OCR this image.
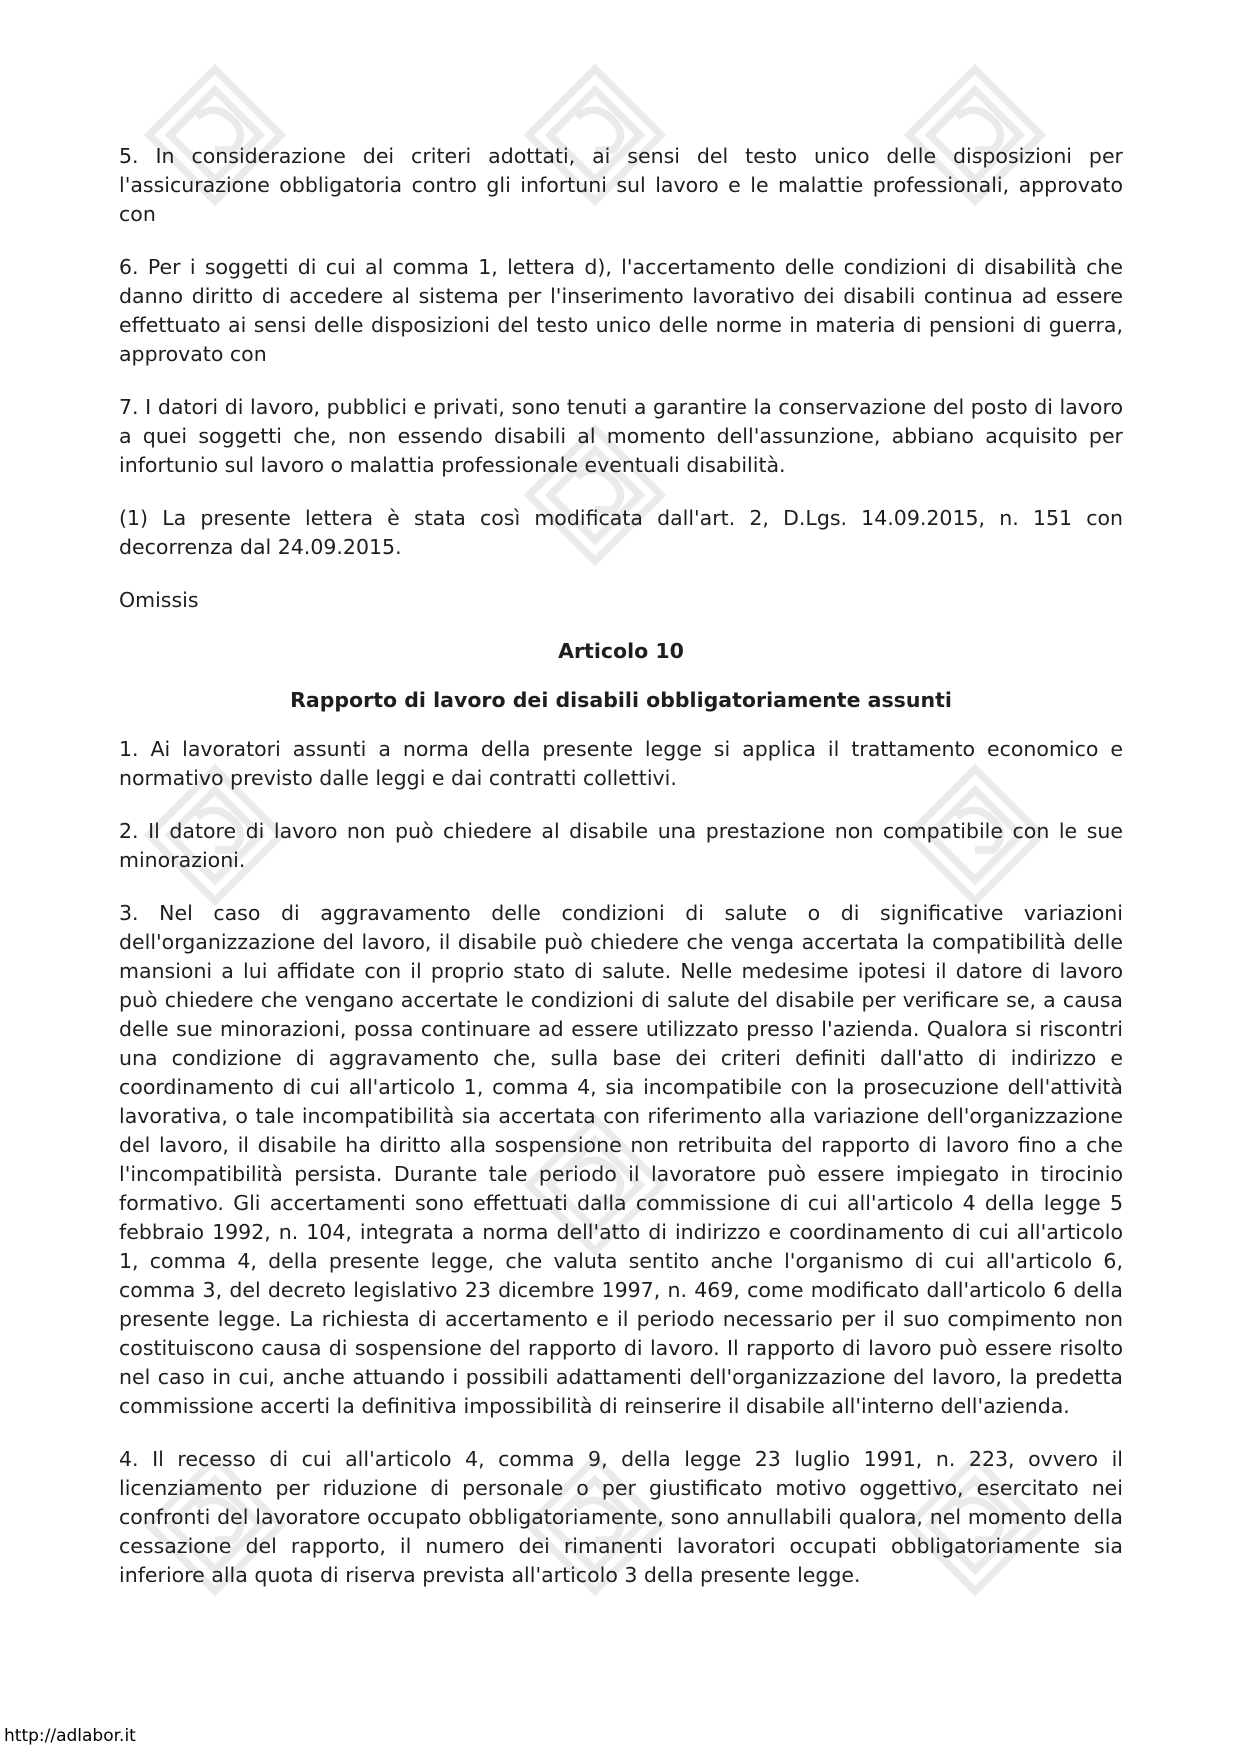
5. In considerazione dei criteri adottati, ai sensi del testo unico delle disposizioni per l'assicurazione obbligatoria contro gli infortuni sul lavoro e le malattie professionali, approvato con

6. Per i soggetti di cui al comma 1, lettera d), l'accertamento delle condizioni di disabilità che danno diritto di accedere al sistema per l'inserimento lavorativo dei disabili continua ad essere effettuato ai sensi delle disposizioni del testo unico delle norme in materia di pensioni di guerra, approvato con

7. I datori di lavoro, pubblici e privati, sono tenuti a garantire la conservazione del posto di lavoro a quei soggetti che, non essendo disabili al momento dell'assunzione, abbiano acquisito per infortunio sul lavoro o malattia professionale eventuali disabilità.

(1) La presente lettera è stata così modificata dall'art. 2, D.Lgs. 14.09.2015, n. 151 con decorrenza dal 24.09.2015.

Omissis
Articolo 10
Rapporto di lavoro dei disabili obbligatoriamente assunti

1. Ai lavoratori assunti a norma della presente legge si applica il trattamento economico e normativo previsto dalle leggi e dai contratti collettivi.

2. Il datore di lavoro non può chiedere al disabile una prestazione non compatibile con le sue minorazioni.

3. Nel caso di aggravamento delle condizioni di salute o di significative variazioni dell'organizzazione del lavoro, il disabile può chiedere che venga accertata la compatibilità delle mansioni a lui affidate con il proprio stato di salute. Nelle medesime ipotesi il datore di lavoro può chiedere che vengano accertate le condizioni di salute del disabile per verificare se, a causa delle sue minorazioni, possa continuare ad essere utilizzato presso l'azienda. Qualora si riscontri una condizione di aggravamento che, sulla base dei criteri definiti dall'atto di indirizzo e coordinamento di cui all'articolo 1, comma 4, sia incompatibile con la prosecuzione dell'attività lavorativa, o tale incompatibilità sia accertata con riferimento alla variazione dell'organizzazione del lavoro, il disabile ha diritto alla sospensione non retribuita del rapporto di lavoro fino a che l'incompatibilità persista. Durante tale periodo il lavoratore può essere impiegato in tirocinio formativo. Gli accertamenti sono effettuati dalla commissione di cui all'articolo 4 della legge 5 febbraio 1992, n. 104, integrata a norma dell'atto di indirizzo e coordinamento di cui all'articolo 1, comma 4, della presente legge, che valuta sentito anche l'organismo di cui all'articolo 6, comma 3, del decreto legislativo 23 dicembre 1997, n. 469, come modificato dall'articolo 6 della presente legge. La richiesta di accertamento e il periodo necessario per il suo compimento non costituiscono causa di sospensione del rapporto di lavoro. Il rapporto di lavoro può essere risolto nel caso in cui, anche attuando i possibili adattamenti dell'organizzazione del lavoro, la predetta commissione accerti la definitiva impossibilità di reinserire il disabile all'interno dell'azienda.

4. Il recesso di cui all'articolo 4, comma 9, della legge 23 luglio 1991, n. 223, ovvero il licenziamento per riduzione di personale o per giustificato motivo oggettivo, esercitato nei confronti del lavoratore occupato obbligatoriamente, sono annullabili qualora, nel momento della cessazione del rapporto, il numero dei rimanenti lavoratori occupati obbligatoriamente sia inferiore alla quota di riserva prevista all'articolo 3 della presente legge.

http://adlabor.it
